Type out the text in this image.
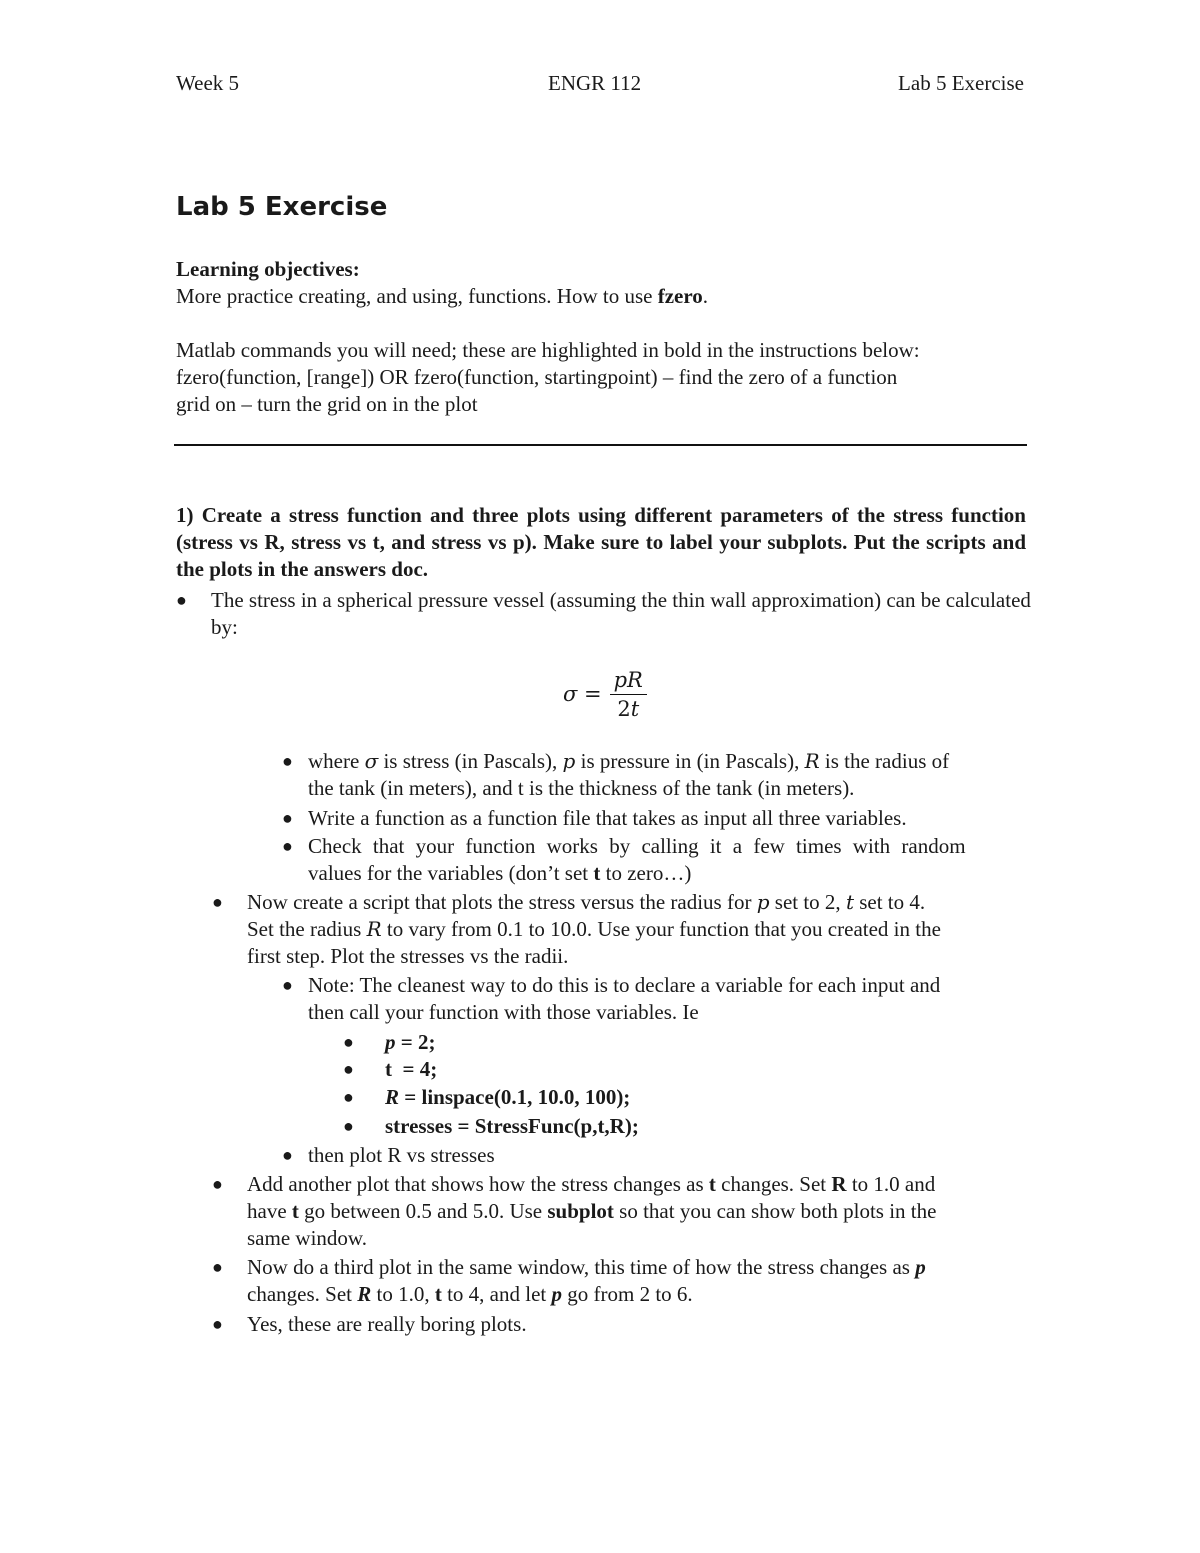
Week 5	ENGR 112	Lab 5 Exercise
Lab 5 Exercise
Learning objectives:
More practice creating, and using, functions. How to use fzero.
Matlab commands you will need; these are highlighted in bold in the instructions below:
fzero(function, [range]) OR fzero(function, startingpoint) – find the zero of a function
grid on – turn the grid on in the plot
1) Create a stress function and three plots using different parameters of the stress function (stress vs R, stress vs t, and stress vs p). Make sure to label your subplots. Put the scripts and the plots in the answers doc.
● The stress in a spherical pressure vessel (assuming the thin wall approximation) can be calculated
by:
$\sigma = \frac{pR}{2t}$
● where σ is stress (in Pascals), p is pressure in (in Pascals), R is the radius of
the tank (in meters), and t is the thickness of the tank (in meters).
● Write a function as a function file that takes as input all three variables.
● Check that your function works by calling it a few times with random
values for the variables (don’t set t to zero…)
● Now create a script that plots the stress versus the radius for p set to 2, t set to 4.
Set the radius R to vary from 0.1 to 10.0. Use your function that you created in the
first step. Plot the stresses vs the radii.
● Note: The cleanest way to do this is to declare a variable for each input and
then call your function with those variables. Ie
● p = 2;
● t  = 4;
● R = linspace(0.1, 10.0, 100);
● stresses = StressFunc(p,t,R);
● then plot R vs stresses
● Add another plot that shows how the stress changes as t changes. Set R to 1.0 and
have t go between 0.5 and 5.0. Use subplot so that you can show both plots in the
same window.
● Now do a third plot in the same window, this time of how the stress changes as p
changes. Set R to 1.0, t to 4, and let p go from 2 to 6.
● Yes, these are really boring plots.
